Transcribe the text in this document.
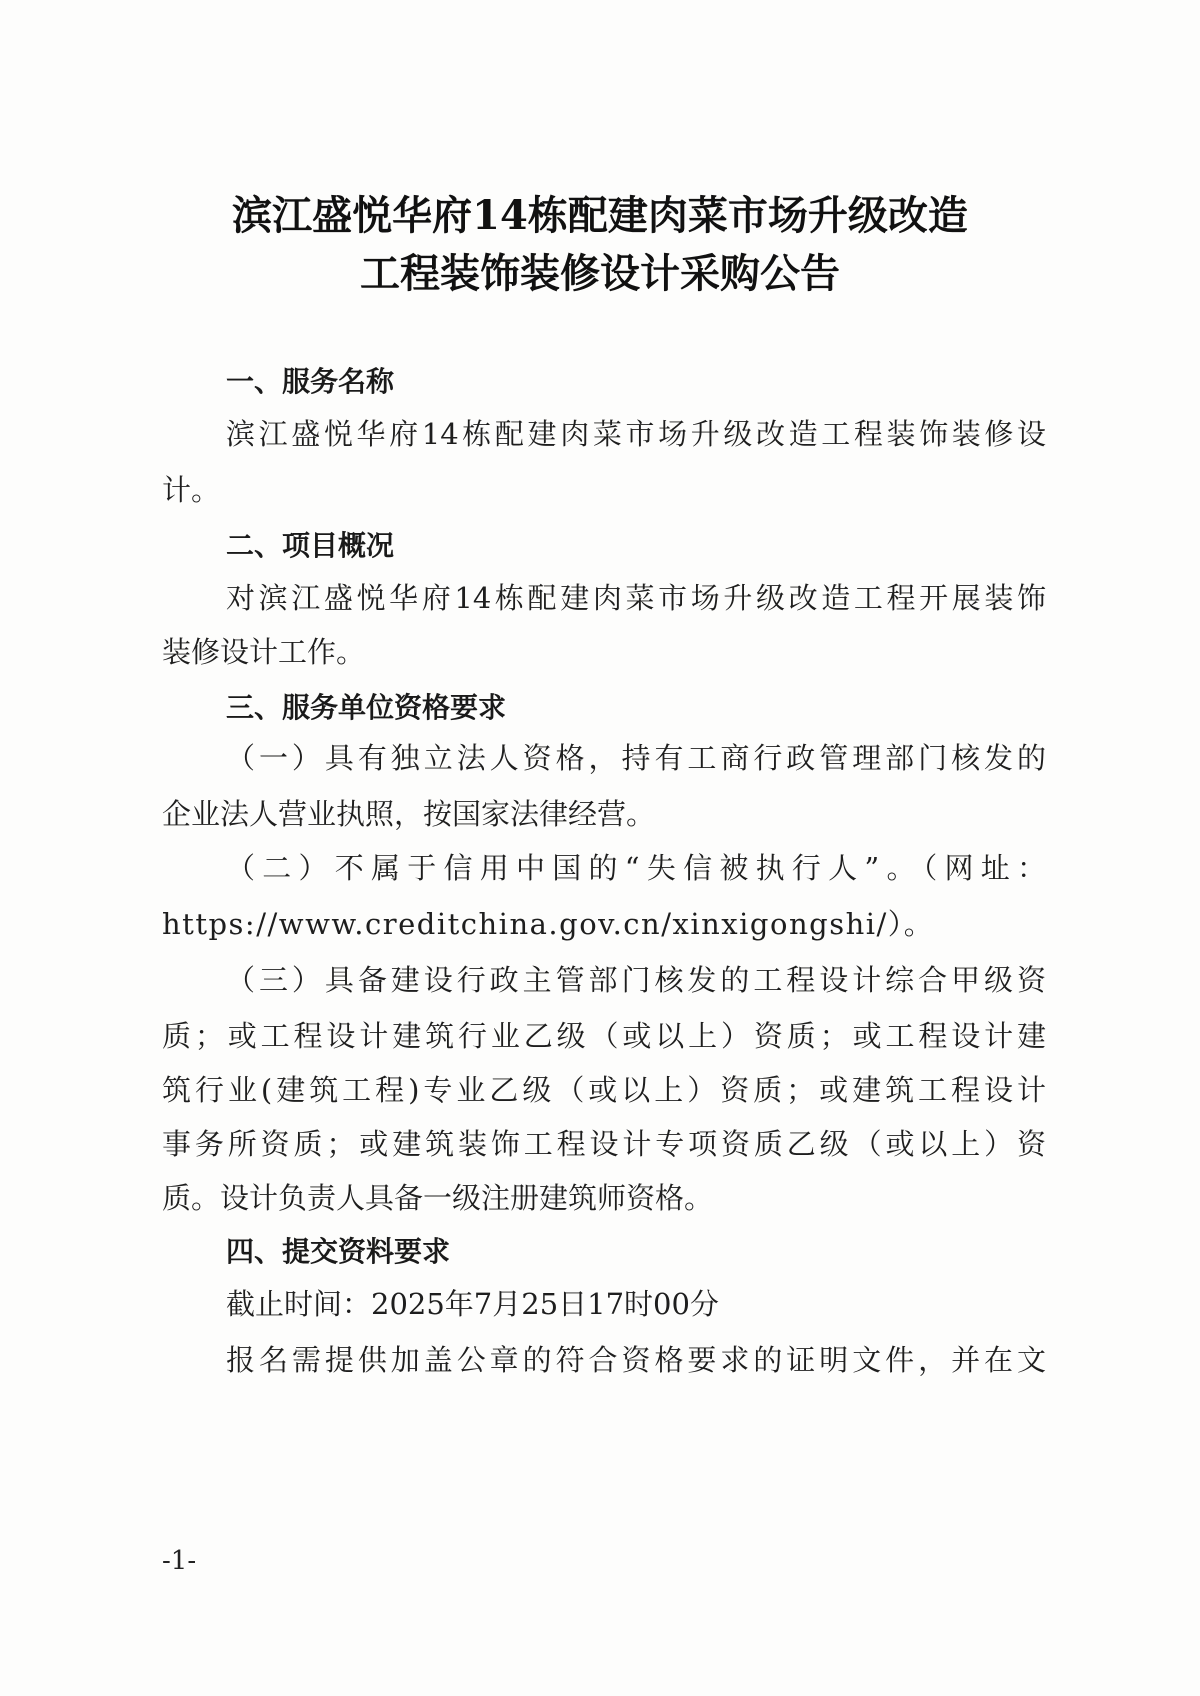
滨江盛悦华府14栋配建肉菜市场升级改造
工程装饰装修设计采购公告
一、服务名称
滨江盛悦华府14栋配建肉菜市场升级改造工程装饰装修设
计。
二、项目概况
对滨江盛悦华府14栋配建肉菜市场升级改造工程开展装饰
装修设计工作。
三、服务单位资格要求
（一）具有独立法人资格，持有工商行政管理部门核发的
企业法人营业执照，按国家法律经营。
（二）不属于信用中国的“失信被执行人”。（网址：
https://www.creditchina.gov.cn/xinxigongshi/）。
（三）具备建设行政主管部门核发的工程设计综合甲级资
质；或工程设计建筑行业乙级（或以上）资质；或工程设计建
筑行业(建筑工程)专业乙级（或以上）资质；或建筑工程设计
事务所资质；或建筑装饰工程设计专项资质乙级（或以上）资
质。设计负责人具备一级注册建筑师资格。
四、提交资料要求
截止时间：2025年7月25日17时00分
报名需提供加盖公章的符合资格要求的证明文件，并在文
-1-
